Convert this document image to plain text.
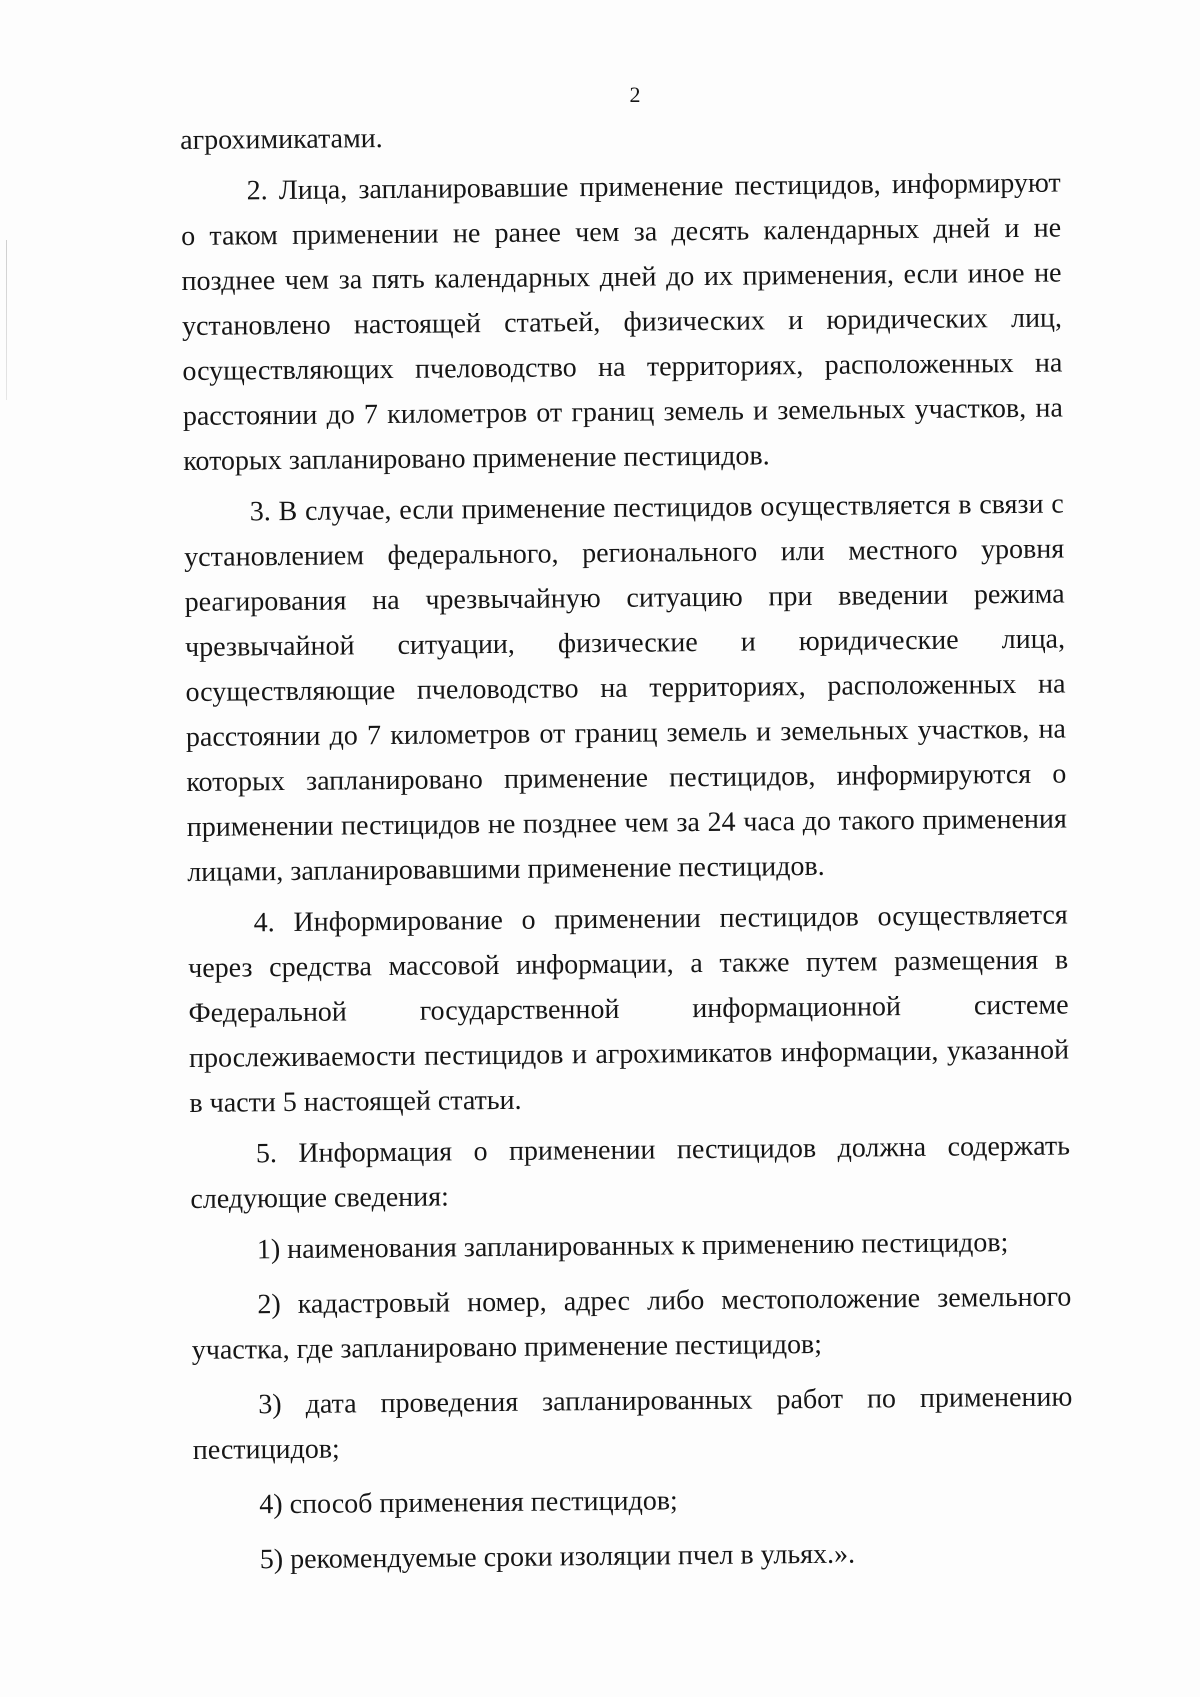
2

агрохимикатами.

2. Лица, запланировавшие применение пестицидов, информируют о таком применении не ранее чем за десять календарных дней и не позднее чем за пять календарных дней до их применения, если иное не установлено настоящей статьей, физических и юридических лиц, осуществляющих пчеловодство на территориях, расположенных на расстоянии до 7 километров от границ земель и земельных участков, на которых запланировано применение пестицидов.

3. В случае, если применение пестицидов осуществляется в связи с установлением федерального, регионального или местного уровня реагирования на чрезвычайную ситуацию при введении режима чрезвычайной ситуации, физические и юридические лица, осуществляющие пчеловодство на территориях, расположенных на расстоянии до 7 километров от границ земель и земельных участков, на которых запланировано применение пестицидов, информируются о применении пестицидов не позднее чем за 24 часа до такого применения лицами, запланировавшими применение пестицидов.

4. Информирование о применении пестицидов осуществляется через средства массовой информации, а также путем размещения в Федеральной государственной информационной системе прослеживаемости пестицидов и агрохимикатов информации, указанной в части 5 настоящей статьи.

5. Информация о применении пестицидов должна содержать следующие сведения:

1) наименования запланированных к применению пестицидов;

2) кадастровый номер, адрес либо местоположение земельного участка, где запланировано применение пестицидов;

3) дата проведения запланированных работ по применению пестицидов;

4) способ применения пестицидов;

5) рекомендуемые сроки изоляции пчел в ульях.».
